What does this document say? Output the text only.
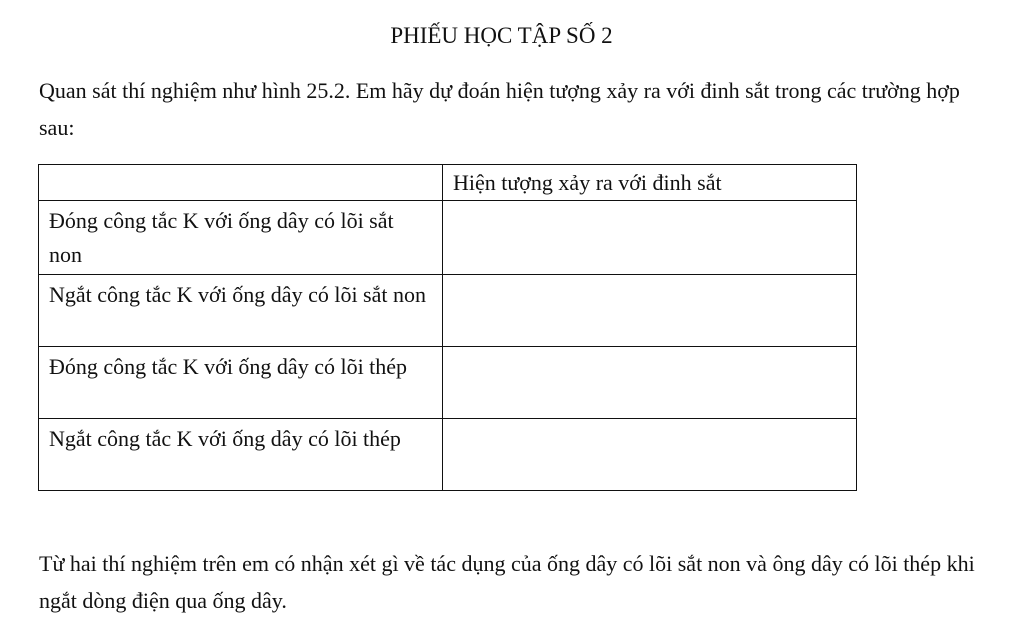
PHIẾU HỌC TẬP SỐ 2
Quan sát thí nghiệm như hình 25.2. Em hãy dự đoán hiện tượng xảy ra với đinh sắt trong các trường hợp sau:
	Hiện tượng xảy ra với đinh sắt
Đóng công tắc K với ống dây có lõi sắt non	
Ngắt công tắc K với ống dây có lõi sắt non	
Đóng công tắc K với ống dây có lõi thép	
Ngắt công tắc K với ống dây có lõi thép	
Từ hai thí nghiệm trên em có nhận xét gì về tác dụng của ống dây có lõi sắt non và ông dây có lõi thép khi ngắt dòng điện qua ống dây.
